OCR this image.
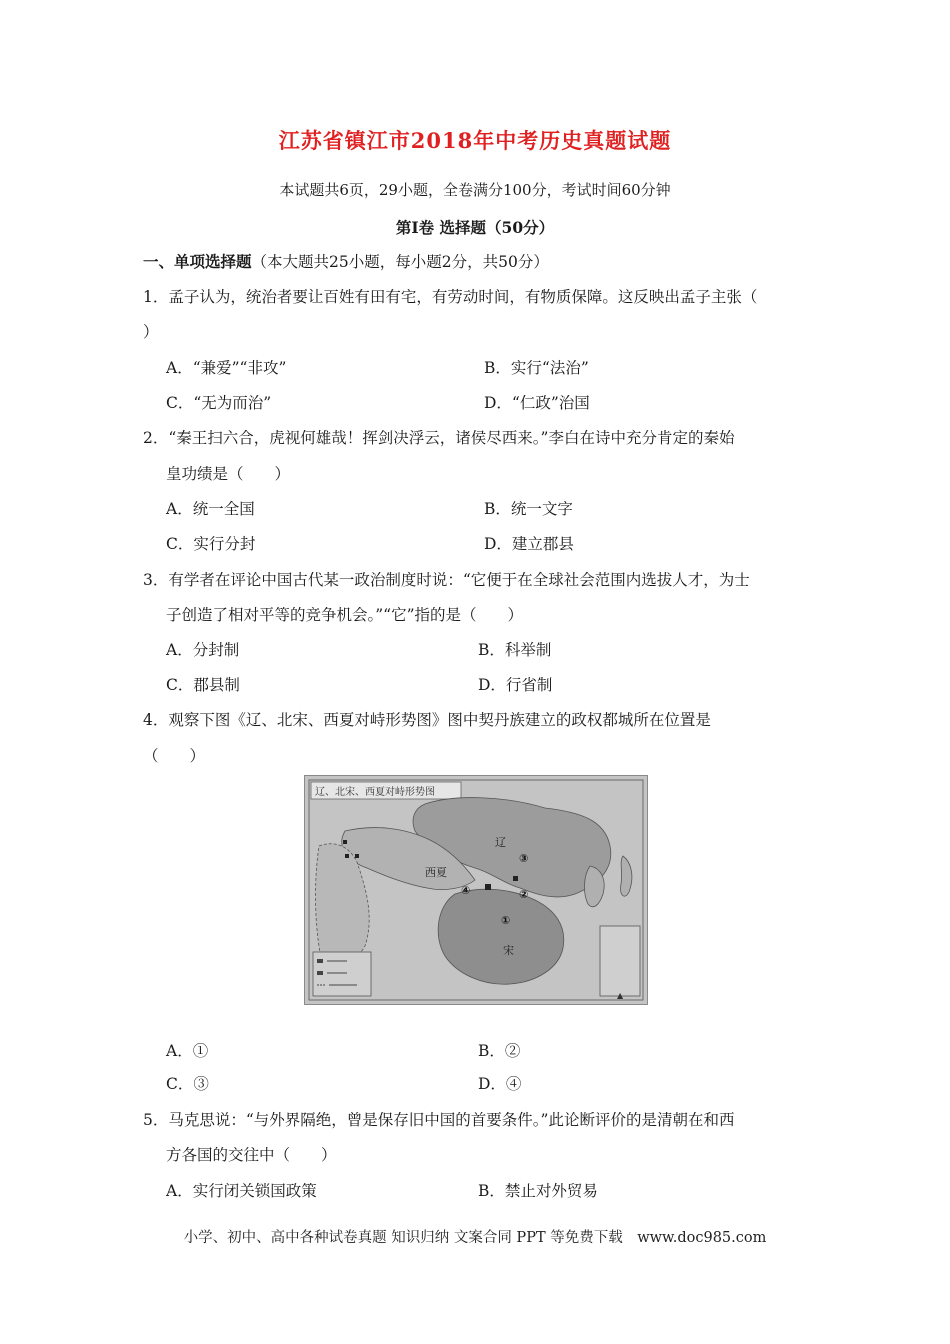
江苏省镇江市2018年中考历史真题试题
本试题共6页，29小题，全卷满分100分，考试时间60分钟
第Ⅰ卷 选择题（50分）
一、单项选择题（本大题共25小题，每小题2分，共50分）
1．孟子认为，统治者要让百姓有田有宅，有劳动时间，有物质保障。这反映出孟子主张（
）
A．“兼爱”“非攻”	B．实行“法治”
C．“无为而治”	D．“仁政”治国
2．“秦王扫六合，虎视何雄哉！挥剑决浮云，诸侯尽西来。”李白在诗中充分肯定的秦始
皇功绩是（　　）
A．统一全国	B．统一文字
C．实行分封	D．建立郡县
3．有学者在评论中国古代某一政治制度时说：“它便于在全球社会范围内选拔人才，为士
子创造了相对平等的竞争机会。”“它”指的是（　　）
A．分封制	B．科举制
C．郡县制	D．行省制
4．观察下图《辽、北宋、西夏对峙形势图》图中契丹族建立的政权都城所在位置是
（　　）
辽、北宋、西夏对峙形势图
辽
西夏
宋
①
②
③
④
▲
A．①	B．②
C．③	D．④
5．马克思说：“与外界隔绝，曾是保存旧中国的首要条件。”此论断评价的是清朝在和西
方各国的交往中（　　）
A．实行闭关锁国政策	B．禁止对外贸易
小学、初中、高中各种试卷真题 知识归纳 文案合同 PPT 等免费下载　www.doc985.com
